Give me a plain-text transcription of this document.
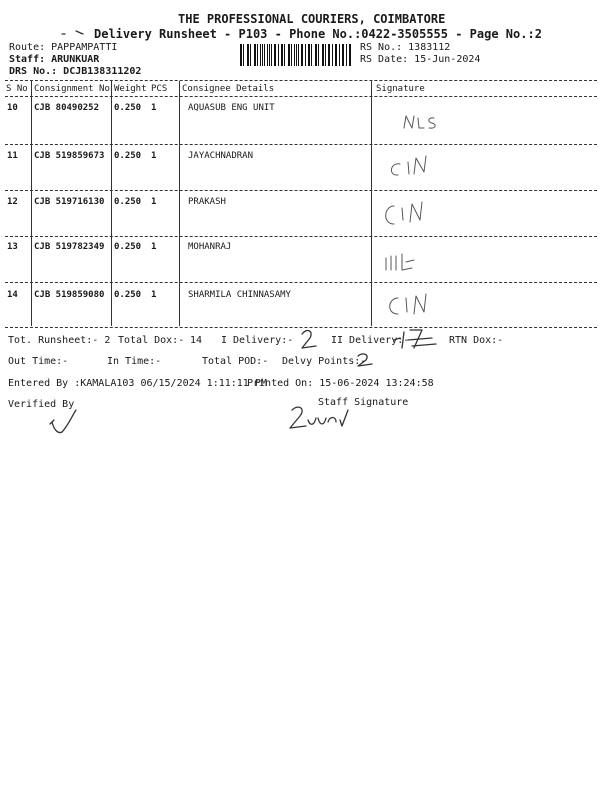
THE PROFESSIONAL COURIERS, COIMBATORE
Delivery Runsheet - P103 - Phone No.:0422-3505555 - Page No.:2
Route: PAPPAMPATTI
Staff: ARUNKUAR
DRS No.: DCJB138311202
RS No.: 1383112
RS Date: 15-Jun-2024
S No Consignment No Weight PCS Consignee Details	Signature
10 CJB 80490252 0.250 1	AQUASUB ENG UNIT
11 CJB 519859673 0.250 1	JAYACHNADRAN
12 CJB 519716130 0.250 1	PRAKASH
13 CJB 519782349 0.250 1	MOHANRAJ
14 CJB 519859080 0.250 1	SHARMILA CHINNASAMY
Tot. Runsheet:- 2 Total Dox:- 14 I Delivery:-	II Delivery:-	RTN Dox:-
Out Time:-	In Time:-	Total POD:- Delvy Points:-
Entered By :KAMALA103 06/15/2024 1:11:11 PM
Printed On: 15-06-2024 13:24:58
Verified By	Staff Signature
